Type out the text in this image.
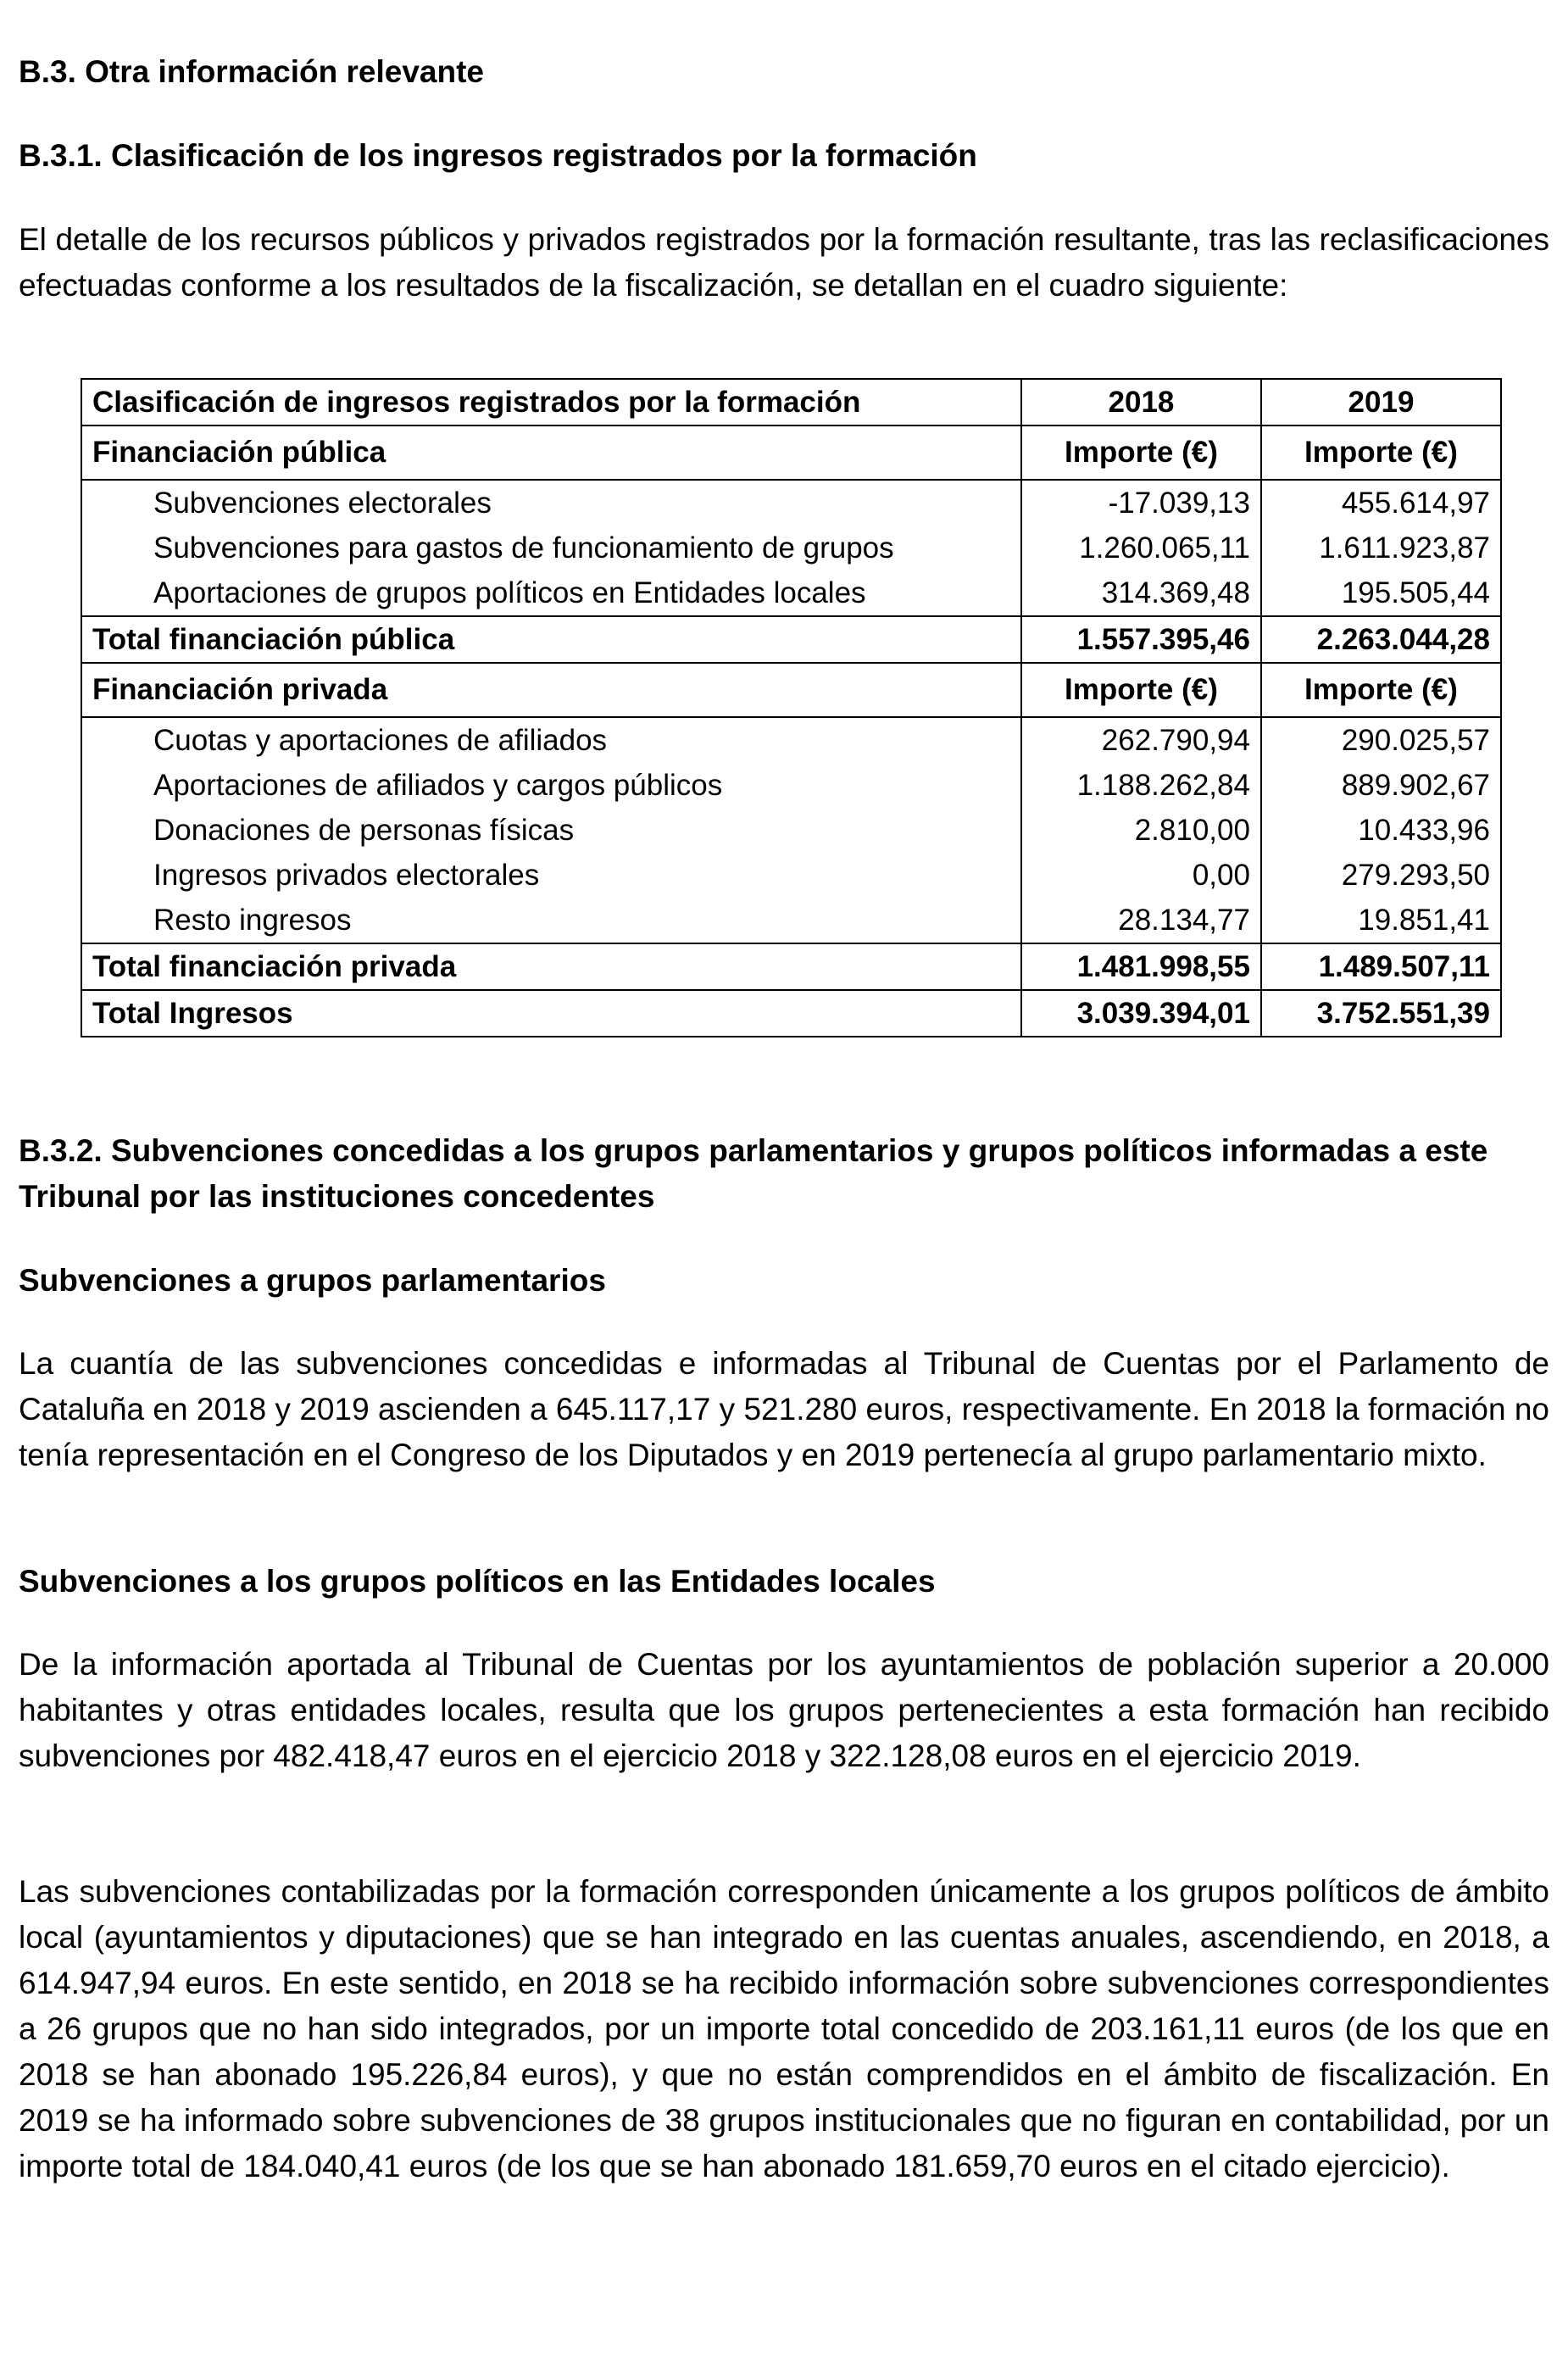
B.3. Otra información relevante

B.3.1. Clasificación de los ingresos registrados por la formación

El detalle de los recursos públicos y privados registrados por la formación resultante, tras las reclasificaciones efectuadas conforme a los resultados de la fiscalización, se detallan en el cuadro siguiente:

Clasificación de ingresos registrados por la formación	2018	2019
Financiación pública	Importe (€)	Importe (€)
Subvenciones electorales	-17.039,13	455.614,97
Subvenciones para gastos de funcionamiento de grupos	1.260.065,11	1.611.923,87
Aportaciones de grupos políticos en Entidades locales	314.369,48	195.505,44
Total financiación pública	1.557.395,46	2.263.044,28
Financiación privada	Importe (€)	Importe (€)
Cuotas y aportaciones de afiliados	262.790,94	290.025,57
Aportaciones de afiliados y cargos públicos	1.188.262,84	889.902,67
Donaciones de personas físicas	2.810,00	10.433,96
Ingresos privados electorales	0,00	279.293,50
Resto ingresos	28.134,77	19.851,41
Total financiación privada	1.481.998,55	1.489.507,11
Total Ingresos	3.039.394,01	3.752.551,39

B.3.2. Subvenciones concedidas a los grupos parlamentarios y grupos políticos informadas a este Tribunal por las instituciones concedentes

Subvenciones a grupos parlamentarios

La cuantía de las subvenciones concedidas e informadas al Tribunal de Cuentas por el Parlamento de Cataluña en 2018 y 2019 ascienden a 645.117,17 y 521.280 euros, respectivamente. En 2018 la formación no tenía representación en el Congreso de los Diputados y en 2019 pertenecía al grupo parlamentario mixto.

Subvenciones a los grupos políticos en las Entidades locales

De la información aportada al Tribunal de Cuentas por los ayuntamientos de población superior a 20.000 habitantes y otras entidades locales, resulta que los grupos pertenecientes a esta formación han recibido subvenciones por 482.418,47 euros en el ejercicio 2018 y 322.128,08 euros en el ejercicio 2019.

Las subvenciones contabilizadas por la formación corresponden únicamente a los grupos políticos de ámbito local (ayuntamientos y diputaciones) que se han integrado en las cuentas anuales, ascendiendo, en 2018, a 614.947,94 euros. En este sentido, en 2018 se ha recibido información sobre subvenciones correspondientes a 26 grupos que no han sido integrados, por un importe total concedido de 203.161,11 euros (de los que en 2018 se han abonado 195.226,84 euros), y que no están comprendidos en el ámbito de fiscalización. En 2019 se ha informado sobre subvenciones de 38 grupos institucionales que no figuran en contabilidad, por un importe total de 184.040,41 euros (de los que se han abonado 181.659,70 euros en el citado ejercicio).
